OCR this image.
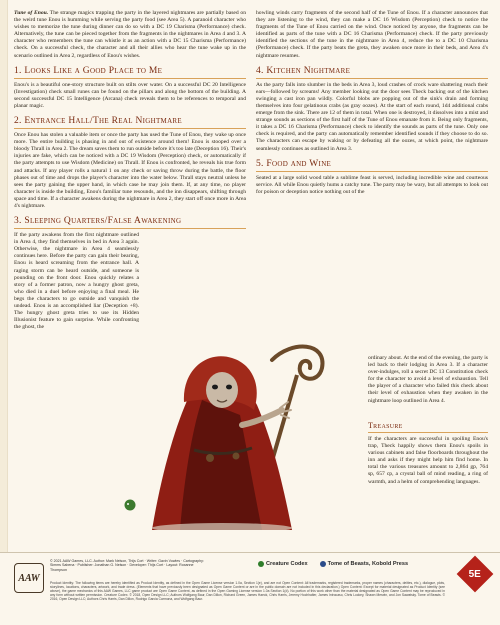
Tune of Enou. The strange magics trapping the party in the layered nightmares are partially based on the weird tune Enou is humming while serving the party food (see Area 5). A paranoid character who wishes to memorize the tune during dinner can do so with a DC 19 Charisma (Performance) check. Alternatively, the tune can be pieced together from the fragments in the nightmares in Area 4 and 3. A character who remembers the tune can whistle it as an action with a DC 15 Charisma (Performance) check. On a successful check, the character and all their allies who hear the tune wake up in the scenario outlined in Area 2, regardless of Enou's wishes.

1. Looks Like a Good Place to Me

Enou's is a beautiful one-story structure built on stilts over water. On a successful DC 20 Intelligence (Investigation) check small runes can be found on the pillars and along the bottom of the building. A second successful DC 15 Intelligence (Arcana) check reveals them to be references to temporal and planar magic.

2. Entrance Hall/The Real Nightmare

Once Enou has stolen a valuable item or once the party has used the Tune of Enou, they wake up once more. The entire building is phasing in and out of existence around them! Enou is stooped over a bloody Thrall in Area 2. The dream saves them to run outside before it's too late (Deception 16). Their's injuries are fake, which can be noticed with a DC 19 Wisdom (Perception) check, or automatically if the party attempts to use Wisdom (Medicine) on Thrall. If Enou is confronted, he reveals his true form and attacks. If any player rolls a natural 1 on any check or saving throw during the battle, the floor phases out of time and drops the player's character into the water below. Thrall stays neutral unless he sees the party gaining the upper hand, in which case he may join them. If, at any time, no player character is inside the building, Enou's familiar tune resounds, and the inn disappears, shifting through space and time. If a character awakens during the nightmare in Area 2, they start off once more in Area 4's nightmare.

3. Sleeping Quarters/False Awakening

If the party awakens from the first nightmare outlined in Area 4, they find themselves in bed in Area 3 again. Otherwise, the nightmare in Area 4 seamlessly continues here. Before the party can gain their bearing, Enou is heard screaming from the entrance hall. A raging storm can be heard outside, and someone is pounding on the front door. Enou quickly relates a story of a former patron, now a hungry ghost greta, who died in a duel before enjoying a final meal. He begs the characters to go outside and vanquish the undead. Enou is an accomplished liar (Deception +8). The hungry ghost greta tries to use its Hidden Illusionist feature to gain surprise. While confronting the ghost, the

howling winds carry fragments of the second half of the Tune of Enou. If a character announces that they are listening to the wind, they can make a DC 16 Wisdom (Perception) check to notice the fragments of the Tune of Enou carried on the wind. Once noticed by anyone, the fragments can be identified as parts of the tune with a DC 16 Charisma (Performance) check. If the party previously identified the sections of the tune in the nightmare in Area 4, reduce the to a DC 10 Charisma (Performance) check. If the party beats the greta, they awaken once more in their beds, and Area 4's nightmare resumes.

4. Kitchen Nightmare

As the party falls into slumber in the beds in Area 3, loud crashes of crock ware shattering reach their ears—followed by screams! Any member looking out the door sees Theck backing out of the kitchen swinging a cast iron pan wildly. Colorful blobs are popping out of the sink's drain and forming themselves into four gelatinous crabs (as gray oozes). At the start of each round, 1d4 additional crabs emerge from the sink. There are 12 of them in total. When one is destroyed, it dissolves into a mist and strange sounds as sections of the first half of the Tune of Enou emanate from it. Being only fragments, it takes a DC 16 Charisma (Performance) check to identify the sounds as parts of the tune. Only one check is required, and the party can automatically remember identified sounds if they choose to do so. The characters can escape by waking or by defeating all the oozes, at which point, the nightmare seamlessly continues as outlined in Area 3.

5. Food and Wine

Seated at a large solid wood table a sublime feast is served, including incredible wine and courteous service. All while Enou quietly hums a catchy tune. The party may be wary, but all attempts to look out for poison or deception notice nothing out of the

ordinary about. At the end of the evening, the party is led back to their lodging in Area 3. If a character over-indulges, roll a secret DC 13 Constitution check for the character to avoid a level of exhaustion. Tell the player of a character who failed this check about their level of exhaustion when they awaken in the nightmare loop outlined in Area 4.
Treasure

If the characters are successful in spoiling Enou's trap, Theck happily shows them Enou's spoils in various cabinets and false floorboards throughout the inn and asks if they might help him find home. In total the various treasures amount to 2,864 gp, 764 sp, 657 cp, a crystal ball of mind reading, a ring of warmth, and a helm of comprehending languages.

AAW
© 2021 AAW Games, LLC. Author: Mark Nelson, Thijs Cort · Writer: Gavin Vowles · Cartography: Simms Sabena · Publisher: Jonathan G. Nelson · Developer: Thijs Cort · Layout: Roxanne Thompson
Creature Codex	Tome of Beasts, Kobold Press
Product Identity: The following items are hereby identified as Product Identity, as defined in the Open Game License version 1.0a, Section 1(e), and are not Open Content: All trademarks, registered trademarks, proper names (characters, deities, etc.), dialogue, plots, storylines, locations, characters, artwork, and trade dress. (Elements that have previously been designated as Open Game Content or are in the public domain are not included in this declaration.) Open Content: Except for material designated as Product Identity (see above), the game mechanics of this AAW Games, LLC game product are Open Game Content, as defined in the Open Gaming License version 1.0a Section 1(d). No portion of this work other than the material designated as Open Game Content may be reproduced in any form without written permission. Creature Codex. © 2018, Open Design LLC; Authors Wolfgang Baur, Dan Dillon, Richard Green, James Haeck, Chris Harris, Jeremy Hochhalter, James Introcaso, Chris Lockey, Shawn Merwin, and Jon Sawatsky. Tome of Beasts. © 2016, Open Design LLC; Authors Chris Harris, Dan Dillon, Rodrigo Garcia Carmona, and Wolfgang Baur.
5E
